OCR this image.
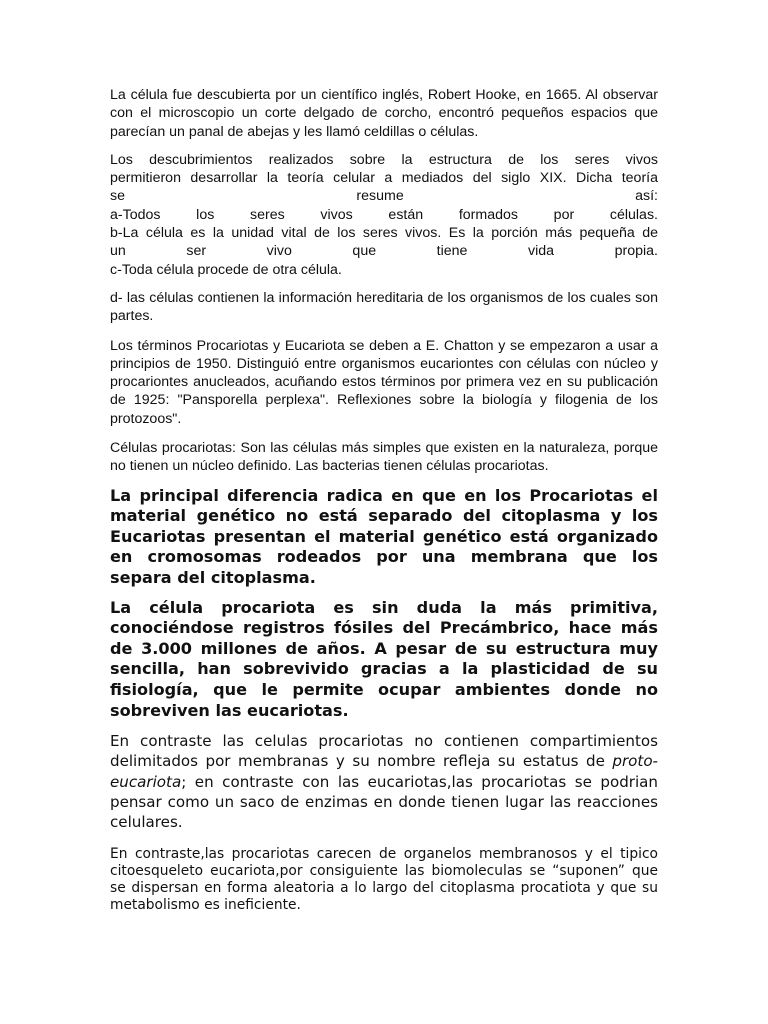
La célula fue descubierta por un científico inglés, Robert Hooke, en 1665. Al observar con el microscopio un corte delgado de corcho, encontró pequeños espacios que parecían un panal de abejas y les llamó celdillas o células.

Los descubrimientos realizados sobre la estructura de los seres vivos
permitieron desarrollar la teoría celular a mediados del siglo XIX. Dicha teoría
se resume así:
a-Todos los seres vivos están formados por células.
b-La célula es la unidad vital de los seres vivos. Es la porción más pequeña de
un ser vivo que tiene vida propia.
c-Toda célula procede de otra célula.

d- las células contienen la información hereditaria de los organismos de los cuales son partes.

Los términos Procariotas y Eucariota se deben a E. Chatton y se empezaron a usar a principios de 1950. Distinguió entre organismos eucariontes con células con núcleo y procariontes anucleados, acuñando estos términos por primera vez en su publicación de 1925: "Pansporella perplexa". Reflexiones sobre la biología y filogenia de los protozoos".

Células procariotas: Son las células más simples que existen en la naturaleza, porque no tienen un núcleo definido. Las bacterias tienen células procariotas.

La principal diferencia radica en que en los Procariotas el material genético no está separado del citoplasma y los Eucariotas presentan el material genético está organizado en cromosomas rodeados por una membrana que los separa del citoplasma.

La célula procariota es sin duda la más primitiva, conociéndose registros fósiles del Precámbrico, hace más de 3.000 millones de años. A pesar de su estructura muy sencilla, han sobrevivido gracias a la plasticidad de su fisiología, que le permite ocupar ambientes donde no sobreviven las eucariotas.

En contraste las celulas procariotas no contienen compartimientos delimitados por membranas y su nombre refleja su estatus de proto-eucariota; en contraste con las eucariotas,las procariotas se podrian pensar como un saco de enzimas en donde tienen lugar las reacciones celulares.

En contraste,las procariotas carecen de organelos membranosos y el tipico citoesqueleto eucariota,por consiguiente las biomoleculas se “suponen” que se dispersan en forma aleatoria a lo largo del citoplasma procatiota y que su metabolismo es ineficiente.
